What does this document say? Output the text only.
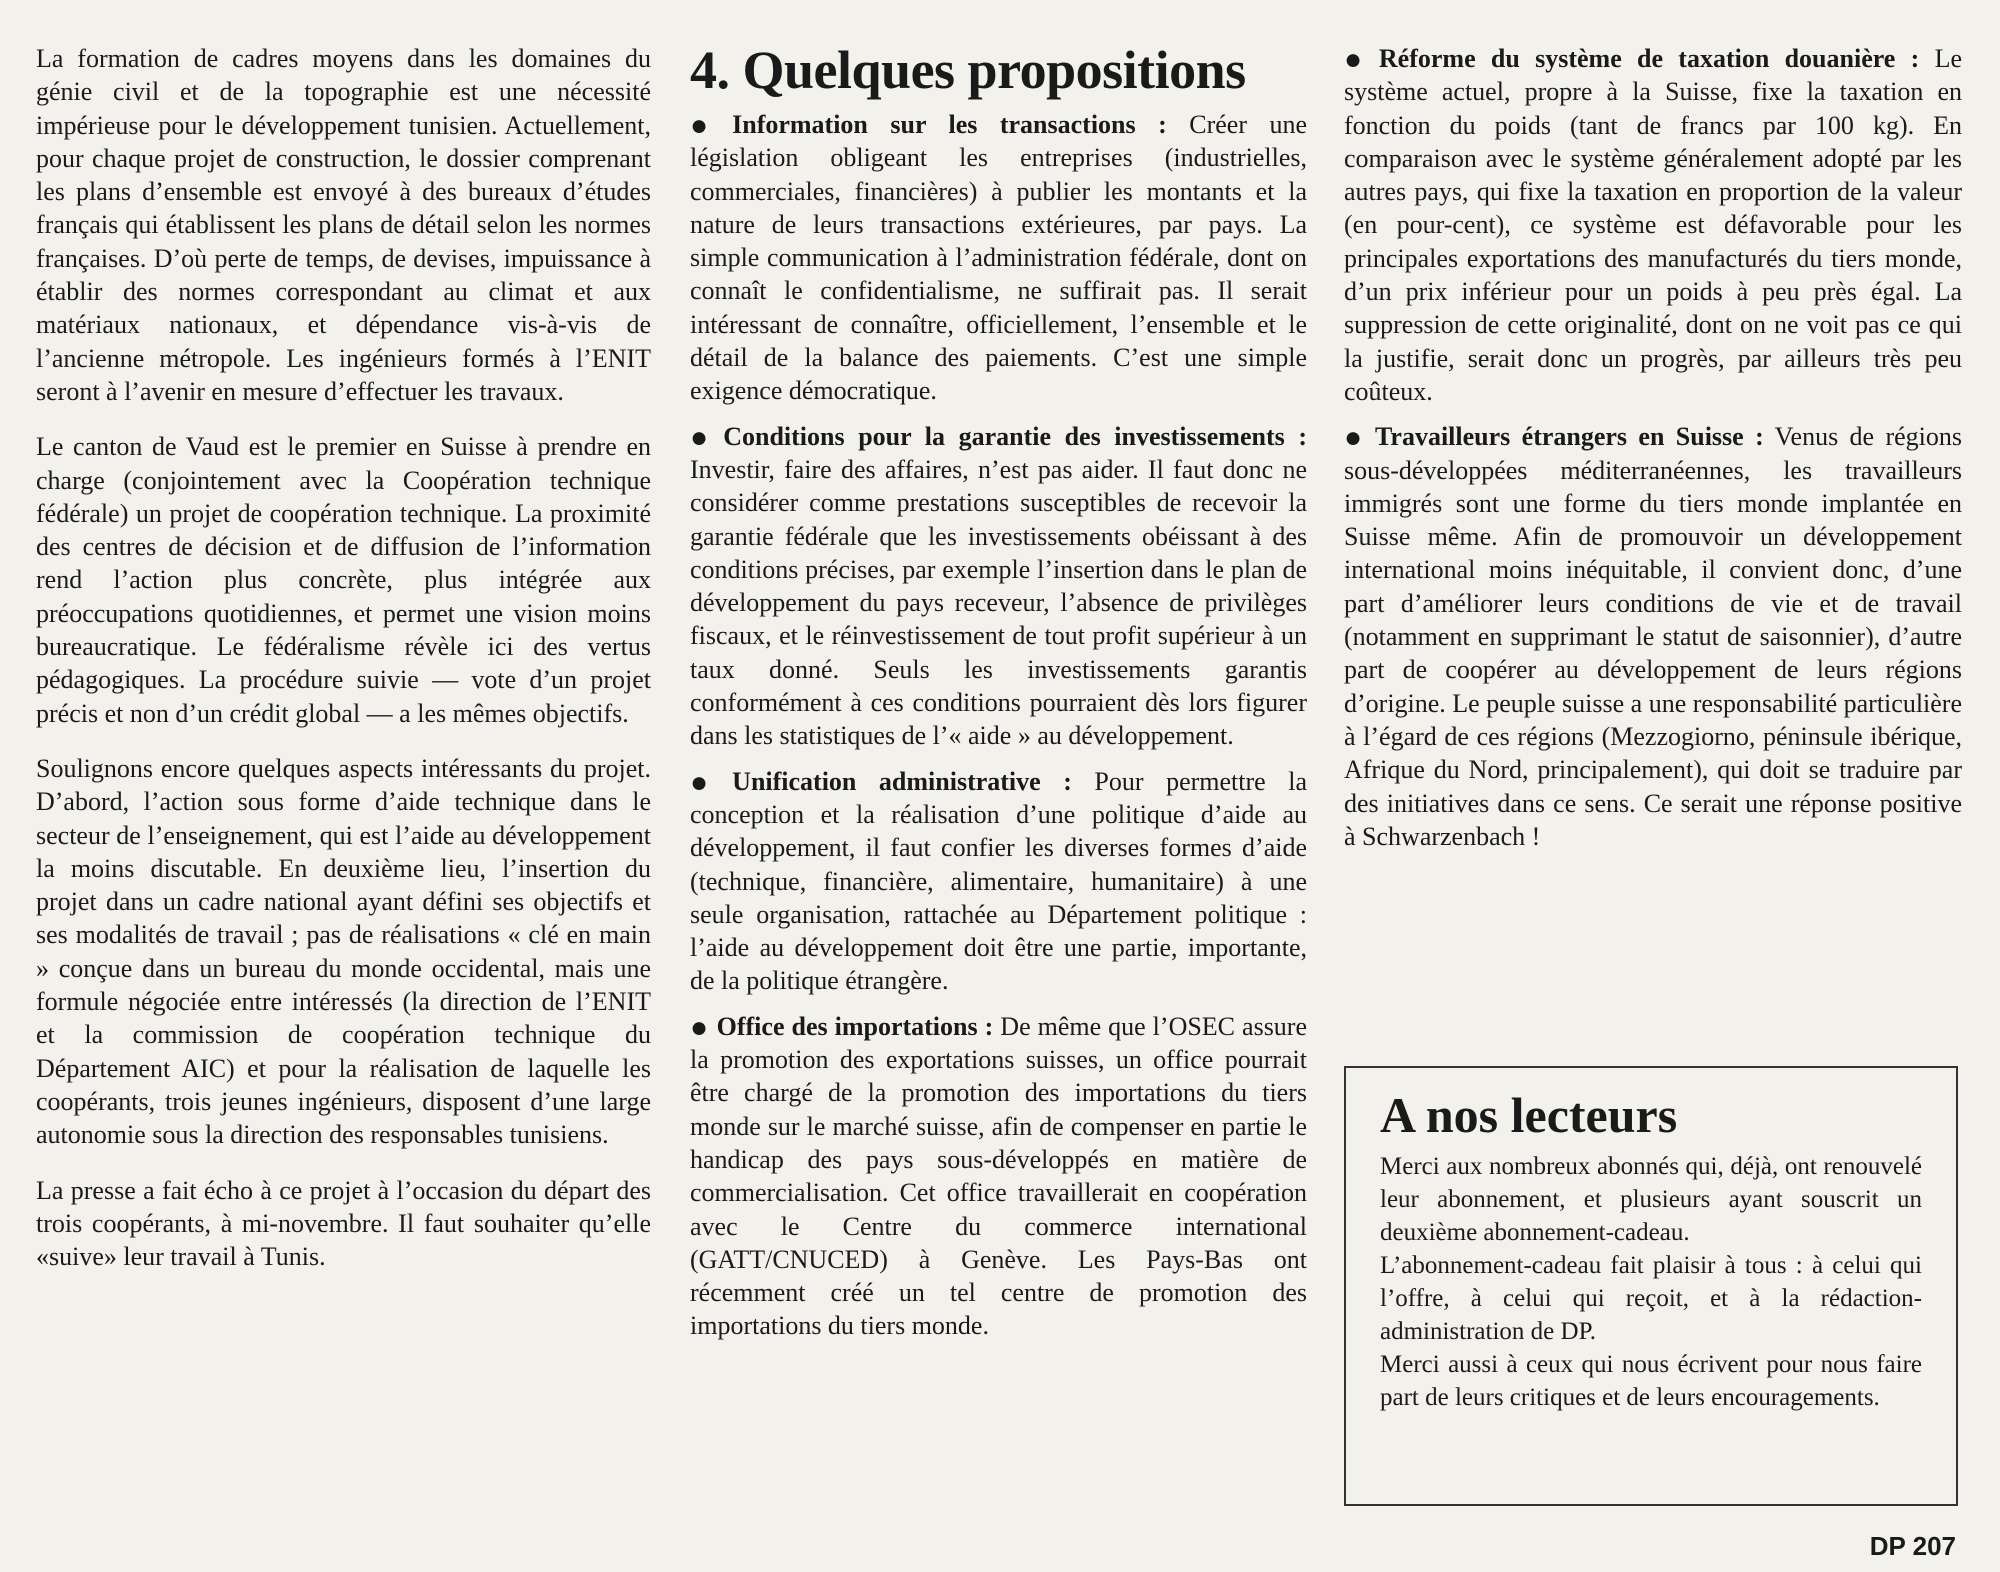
La formation de cadres moyens dans les domaines du génie civil et de la topographie est une nécessité impérieuse pour le développement tunisien. Actuellement, pour chaque projet de construction, le dossier comprenant les plans d’ensemble est envoyé à des bureaux d’études français qui établissent les plans de détail selon les normes françaises. D’où perte de temps, de devises, impuissance à établir des normes correspondant au climat et aux matériaux nationaux, et dépendance vis-à-vis de l’ancienne métropole. Les ingénieurs formés à l’ENIT seront à l’avenir en mesure d’effectuer les travaux.

Le canton de Vaud est le premier en Suisse à prendre en charge (conjointement avec la Coopération technique fédérale) un projet de coopération technique. La proximité des centres de décision et de diffusion de l’information rend l’action plus concrète, plus intégrée aux préoccupations quotidiennes, et permet une vision moins bureaucratique. Le fédéralisme révèle ici des vertus pédagogiques. La procédure suivie — vote d’un projet précis et non d’un crédit global — a les mêmes objectifs.

Soulignons encore quelques aspects intéressants du projet. D’abord, l’action sous forme d’aide technique dans le secteur de l’enseignement, qui est l’aide au développement la moins discutable. En deuxième lieu, l’insertion du projet dans un cadre national ayant défini ses objectifs et ses modalités de travail ; pas de réalisations « clé en main » conçue dans un bureau du monde occidental, mais une formule négociée entre intéressés (la direction de l’ENIT et la commission de coopération technique du Département AIC) et pour la réalisation de laquelle les coopérants, trois jeunes ingénieurs, disposent d’une large autonomie sous la direction des responsables tunisiens.

La presse a fait écho à ce projet à l’occasion du départ des trois coopérants, à mi-novembre. Il faut souhaiter qu’elle «suive» leur travail à Tunis.

4. Quelques propositions

● Information sur les transactions : Créer une législation obligeant les entreprises (industrielles, commerciales, financières) à publier les montants et la nature de leurs transactions extérieures, par pays. La simple communication à l’administration fédérale, dont on connaît le confidentialisme, ne suffirait pas. Il serait intéressant de connaître, officiellement, l’ensemble et le détail de la balance des paiements. C’est une simple exigence démocratique.

● Conditions pour la garantie des investissements : Investir, faire des affaires, n’est pas aider. Il faut donc ne considérer comme prestations susceptibles de recevoir la garantie fédérale que les investissements obéissant à des conditions précises, par exemple l’insertion dans le plan de développement du pays receveur, l’absence de privilèges fiscaux, et le réinvestissement de tout profit supérieur à un taux donné. Seuls les investissements garantis conformément à ces conditions pourraient dès lors figurer dans les statistiques de l’« aide » au développement.

● Unification administrative : Pour permettre la conception et la réalisation d’une politique d’aide au développement, il faut confier les diverses formes d’aide (technique, financière, alimentaire, humanitaire) à une seule organisation, rattachée au Département politique : l’aide au développement doit être une partie, importante, de la politique étrangère.

● Office des importations : De même que l’OSEC assure la promotion des exportations suisses, un office pourrait être chargé de la promotion des importations du tiers monde sur le marché suisse, afin de compenser en partie le handicap des pays sous-développés en matière de commercialisation. Cet office travaillerait en coopération avec le Centre du commerce international (GATT/CNUCED) à Genève. Les Pays-Bas ont récemment créé un tel centre de promotion des importations du tiers monde.

● Réforme du système de taxation douanière : Le système actuel, propre à la Suisse, fixe la taxation en fonction du poids (tant de francs par 100 kg). En comparaison avec le système généralement adopté par les autres pays, qui fixe la taxation en proportion de la valeur (en pour-cent), ce système est défavorable pour les principales exportations des manufacturés du tiers monde, d’un prix inférieur pour un poids à peu près égal. La suppression de cette originalité, dont on ne voit pas ce qui la justifie, serait donc un progrès, par ailleurs très peu coûteux.

● Travailleurs étrangers en Suisse : Venus de régions sous-développées méditerranéennes, les travailleurs immigrés sont une forme du tiers monde implantée en Suisse même. Afin de promouvoir un développement international moins inéquitable, il convient donc, d’une part d’améliorer leurs conditions de vie et de travail (notamment en supprimant le statut de saisonnier), d’autre part de coopérer au développement de leurs régions d’origine. Le peuple suisse a une responsabilité particulière à l’égard de ces régions (Mezzogiorno, péninsule ibérique, Afrique du Nord, principalement), qui doit se traduire par des initiatives dans ce sens. Ce serait une réponse positive à Schwarzenbach !

A nos lecteurs

Merci aux nombreux abonnés qui, déjà, ont renouvelé leur abonnement, et plusieurs ayant souscrit un deuxième abonnement-cadeau.

L’abonnement-cadeau fait plaisir à tous : à celui qui l’offre, à celui qui reçoit, et à la rédaction-administration de DP.

Merci aussi à ceux qui nous écrivent pour nous faire part de leurs critiques et de leurs encouragements.

DP 207
